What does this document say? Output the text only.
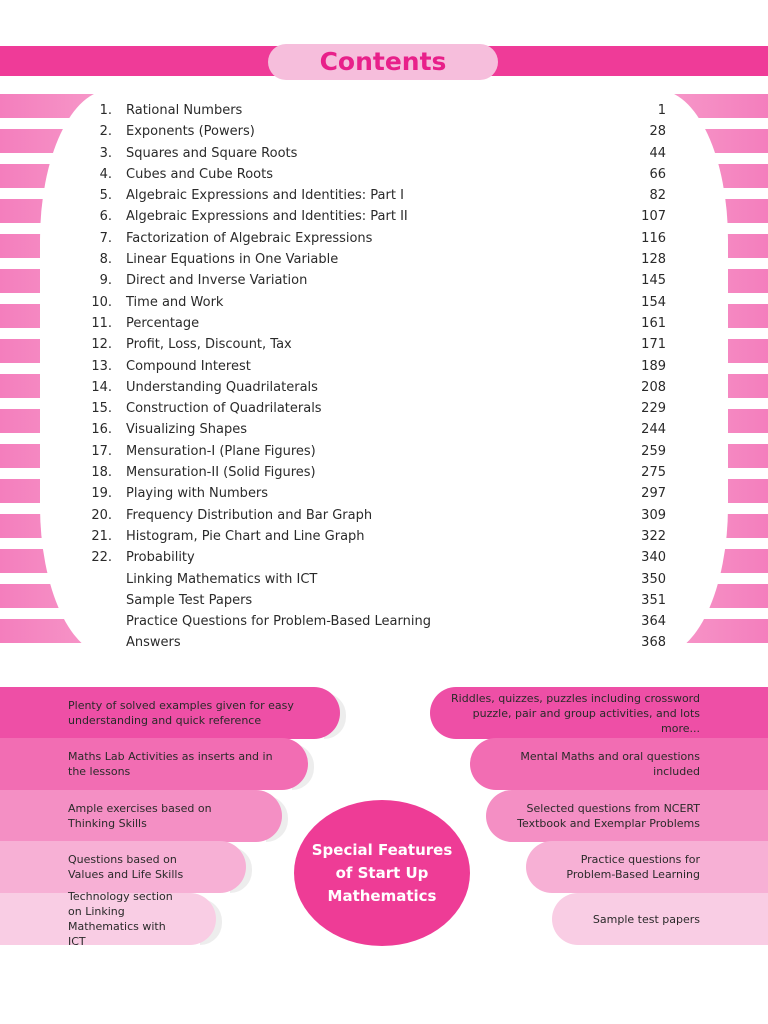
Contents
1. Rational Numbers	1
2. Exponents (Powers)	28
3. Squares and Square Roots	44
4. Cubes and Cube Roots	66
5. Algebraic Expressions and Identities: Part I	82
6. Algebraic Expressions and Identities: Part II	107
7. Factorization of Algebraic Expressions	116
8. Linear Equations in One Variable	128
9. Direct and Inverse Variation	145
10. Time and Work	154
11. Percentage	161
12. Profit, Loss, Discount, Tax	171
13. Compound Interest	189
14. Understanding Quadrilaterals	208
15. Construction of Quadrilaterals	229
16. Visualizing Shapes	244
17. Mensuration-I (Plane Figures)	259
18. Mensuration-II (Solid Figures)	275
19. Playing with Numbers	297
20. Frequency Distribution and Bar Graph	309
21. Histogram, Pie Chart and Line Graph	322
22. Probability	340
Linking Mathematics with ICT	350
Sample Test Papers	351
Practice Questions for Problem-Based Learning	364
Answers	368
Plenty of solved examples given for easy understanding and quick reference
Maths Lab Activities as inserts and in the lessons
Ample exercises based on Thinking Skills
Questions based on Values and Life Skills
Technology section on Linking Mathematics with ICT
Riddles, quizzes, puzzles including crossword puzzle, pair and group activities, and lots more...
Mental Maths and oral questions included
Selected questions from NCERT Textbook and Exemplar Problems
Practice questions for Problem-Based Learning
Sample test papers
Special Features of Start Up Mathematics
